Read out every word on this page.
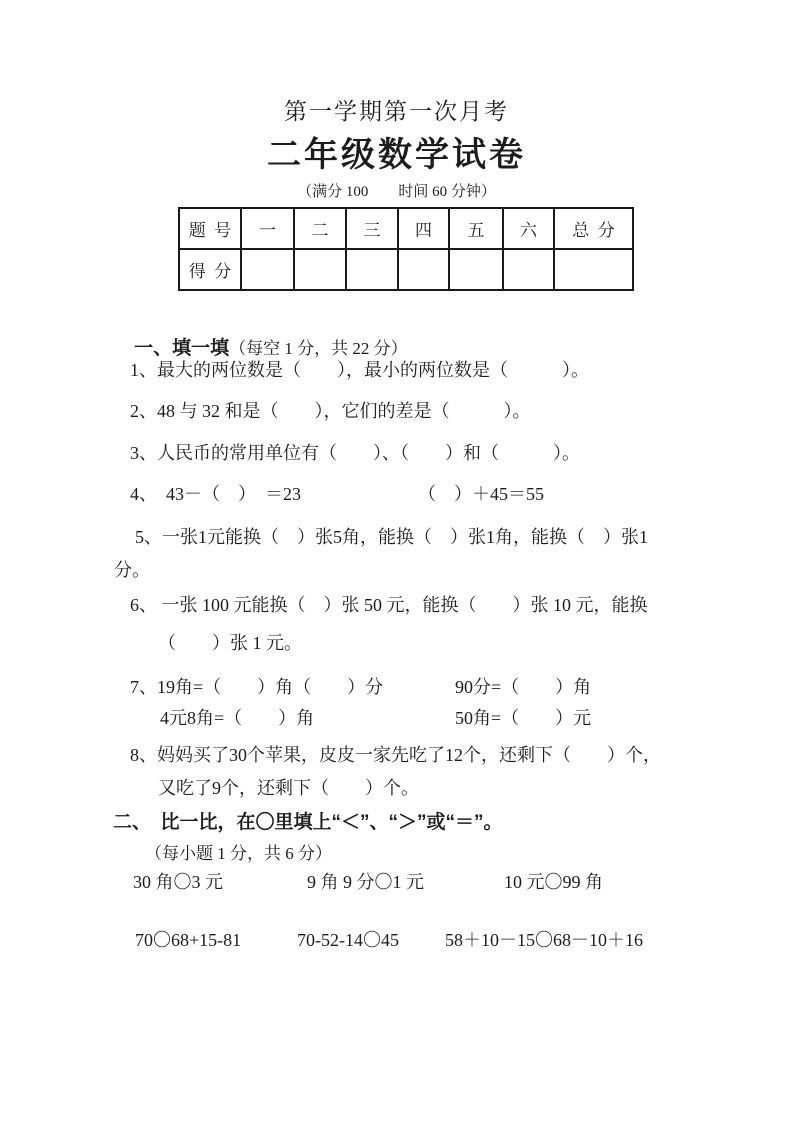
第一学期第一次月考
二年级数学试卷
（满分 100　　时间 60 分钟）
题  号	一	二	三	四	五	六	总  分
得  分							

一、填一填（每空 1 分，共 22 分）

1、最大的两位数是（　　），最小的两位数是（　　　）。
2、48 与 32 和是（　　），它们的差是（　　　）。
3、人民币的常用单位有（　　）、（　　）和（　　　）。
4、　43－（　）　＝23　　　　　　　（　）＋45＝55
5、一张1元能换（　）张5角，能换（　）张1角，能换（　）张1
分。
6、 一张 100 元能换（　）张 50 元，能换（　　）张 10 元，能换
（　　）张 1 元。
7、19角=（　　）角（　　）分	90分=（　　）角
4元8角=（　　）角	50角=（　　）元
8、妈妈买了30个苹果，皮皮一家先吃了12个，还剩下（　　）个，
又吃了9个，还剩下（　　）个。
二、　比一比，在〇里填上“＜”、“＞”或“＝”。
（每小题 1 分，共 6 分）
30 角〇3 元	9 角 9 分〇1 元	10 元〇99 角
70〇68+15-81	70-52-14〇45	58＋10－15〇68－10＋16
